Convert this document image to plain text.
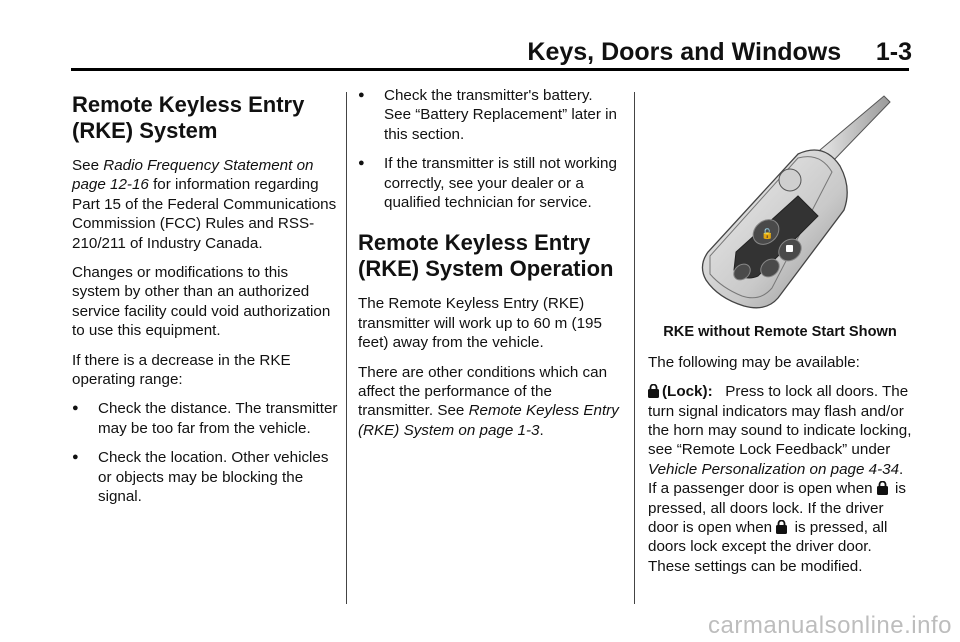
Keys, Doors and Windows 1-3
Remote Keyless Entry (RKE) System

See Radio Frequency Statement on page 12-16 for information regarding Part 15 of the Federal Communications Commission (FCC) Rules and RSS-210/211 of Industry Canada.

Changes or modifications to this system by other than an authorized service facility could void authorization to use this equipment.

If there is a decrease in the RKE operating range:

● Check the distance. The transmitter may be too far from the vehicle.
● Check the location. Other vehicles or objects may be blocking the signal.
● Check the transmitter's battery. See “Battery Replacement” later in this section.
● If the transmitter is still not working correctly, see your dealer or a qualified technician for service.
Remote Keyless Entry (RKE) System Operation

The Remote Keyless Entry (RKE) transmitter will work up to 60 m (195 feet) away from the vehicle.

There are other conditions which can affect the performance of the transmitter. See Remote Keyless Entry (RKE) System on page 1-3.

🔓

RKE without Remote Start Shown

The following may be available:

(Lock): Press to lock all doors. The turn signal indicators may flash and/or the horn may sound to indicate locking, see “Remote Lock Feedback” under Vehicle Personalization on page 4-34. If a passenger door is open when  is pressed, all doors lock. If the driver door is open when  is pressed, all doors lock except the driver door. These settings can be modified.

carmanualsonline.info
